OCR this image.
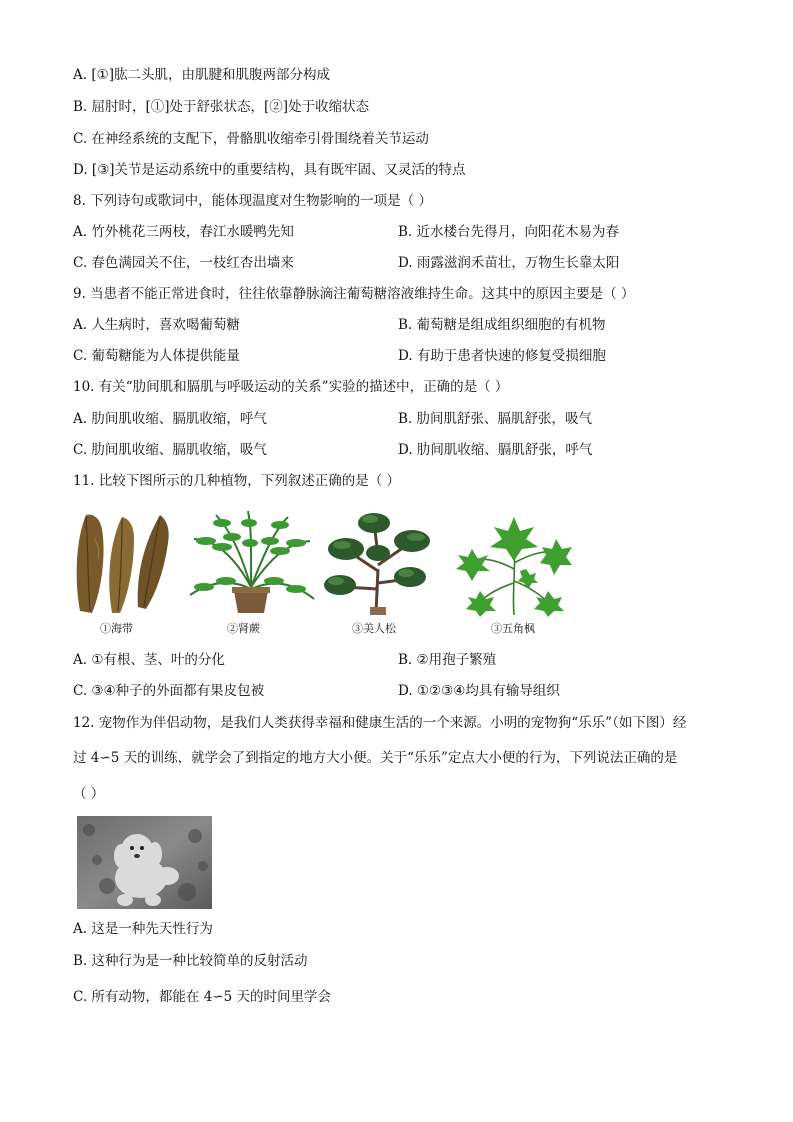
A. [①]肱二头肌，由肌腱和肌腹两部分构成
B. 屈肘时，[①]处于舒张状态，[②]处于收缩状态
C. 在神经系统的支配下，骨骼肌收缩牵引骨围绕着关节运动
D. [③]关节是运动系统中的重要结构，具有既牢固、又灵活的特点
8. 下列诗句或歌词中，能体现温度对生物影响的一项是（ ）
A. 竹外桃花三两枝，春江水暖鸭先知	B. 近水楼台先得月，向阳花木易为春
C. 春色满园关不住，一枝红杏出墙来	D. 雨露滋润禾苗壮，万物生长靠太阳
9. 当患者不能正常进食时，往往依靠静脉滴注葡萄糖溶液维持生命。这其中的原因主要是（ ）
A. 人生病时，喜欢喝葡萄糖	B. 葡萄糖是组成组织细胞的有机物
C. 葡萄糖能为人体提供能量	D. 有助于患者快速的修复受损细胞
10. 有关“肋间肌和膈肌与呼吸运动的关系”实验的描述中，正确的是（ ）
A. 肋间肌收缩、膈肌收缩，呼气	B. 肋间肌舒张、膈肌舒张，吸气
C. 肋间肌收缩、膈肌收缩，吸气	D. 肋间肌收缩、膈肌舒张，呼气
11. 比较下图所示的几种植物，下列叙述正确的是（ ）
①海带	②肾蕨	③美人松	③五角枫
A. ①有根、茎、叶的分化	B. ②用孢子繁殖
C. ③④种子的外面都有果皮包被	D. ①②③④均具有输导组织
12. 宠物作为伴侣动物，是我们人类获得幸福和健康生活的一个来源。小明的宠物狗“乐乐”（如下图）经
过 4∽5 天的训练，就学会了到指定的地方大小便。关于“乐乐”定点大小便的行为，下列说法正确的是
（ ）
A. 这是一种先天性行为
B. 这种行为是一种比较简单的反射活动
C. 所有动物，都能在 4∽5 天的时间里学会
